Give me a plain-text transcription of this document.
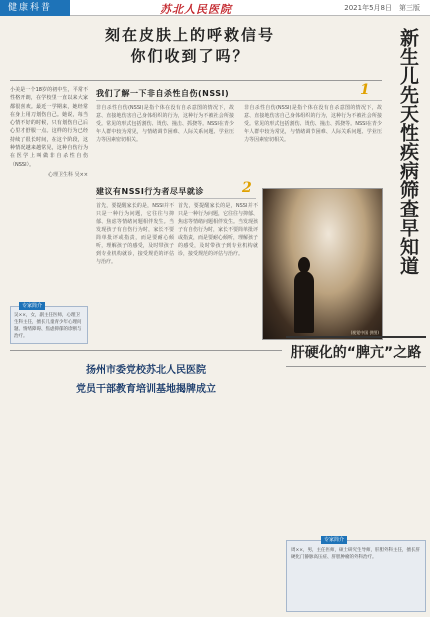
健康科普	苏北人民医院	2021年5月8日　第三版
刻在皮肤上的呼救信号
你们收到了吗？
小美是一个18岁的初中生，平常不性格开朗，在学校里一直以来大家都很喜欢。最近一学期来，她经常在身上用刀划伤自己。她说，每当心情不好的时候，只有划伤自己后心里才舒服一点。这样的行为已经持续了很长时间，在这个阶段，这种情况越来越常见，这种自伤行为在医学上叫做非自杀性自伤（NSSI）。
心理卫生科 吴××
专家简介
吴××，女，副主任医师，心理卫生科主任，擅长儿童青少年心理问题、情绪障碍、焦虑抑郁的诊断与治疗。
我们了解一下非自杀性自伤(NSSI)	1
非自杀性自伤(NSSI)是指个体在没有自杀意图的情况下，故意、直接地伤害自己身体组织的行为，这种行为不被社会所接受。常见的形式包括割伤、烫伤、撞击、抓挠等。NSSI在青少年人群中较为常见，与情绪调节困难、人际关系问题、学业压力等因素密切相关。
非自杀性自伤(NSSI)是指个体在没有自杀意图的情况下，故意、直接地伤害自己身体组织的行为，这种行为不被社会所接受。常见的形式包括割伤、烫伤、撞击、抓挠等。NSSI在青少年人群中较为常见，与情绪调节困难、人际关系问题、学业压力等因素密切相关。
建议有NSSI行为者尽早就诊	2
首先，要提醒家长的是，NSSI并不只是一种行为问题，它往往与抑郁、焦虑等情绪问题相伴发生。当发现孩子有自伤行为时，家长不要简单批评或指责，而是要耐心倾听，理解孩子的感受，及时带孩子到专业机构就诊，接受规范的评估与治疗。
首先，要提醒家长的是，NSSI并不只是一种行为问题，它往往与抑郁、焦虑等情绪问题相伴发生。当发现孩子有自伤行为时，家长不要简单批评或指责，而是要耐心倾听，理解孩子的感受，及时带孩子到专业机构就诊，接受规范的评估与治疗。
(视觉中国 供图)
新生儿先天性疾病筛查早知道
扬州市委党校苏北人民医院
党员干部教育培训基地揭牌成立
肝硬化的“脾亢”之路
专家简介
周××，男，主任医师，硕士研究生导师，肝胆外科主任，擅长肝硬化门静脉高压症、肝胆肿瘤的外科治疗。
